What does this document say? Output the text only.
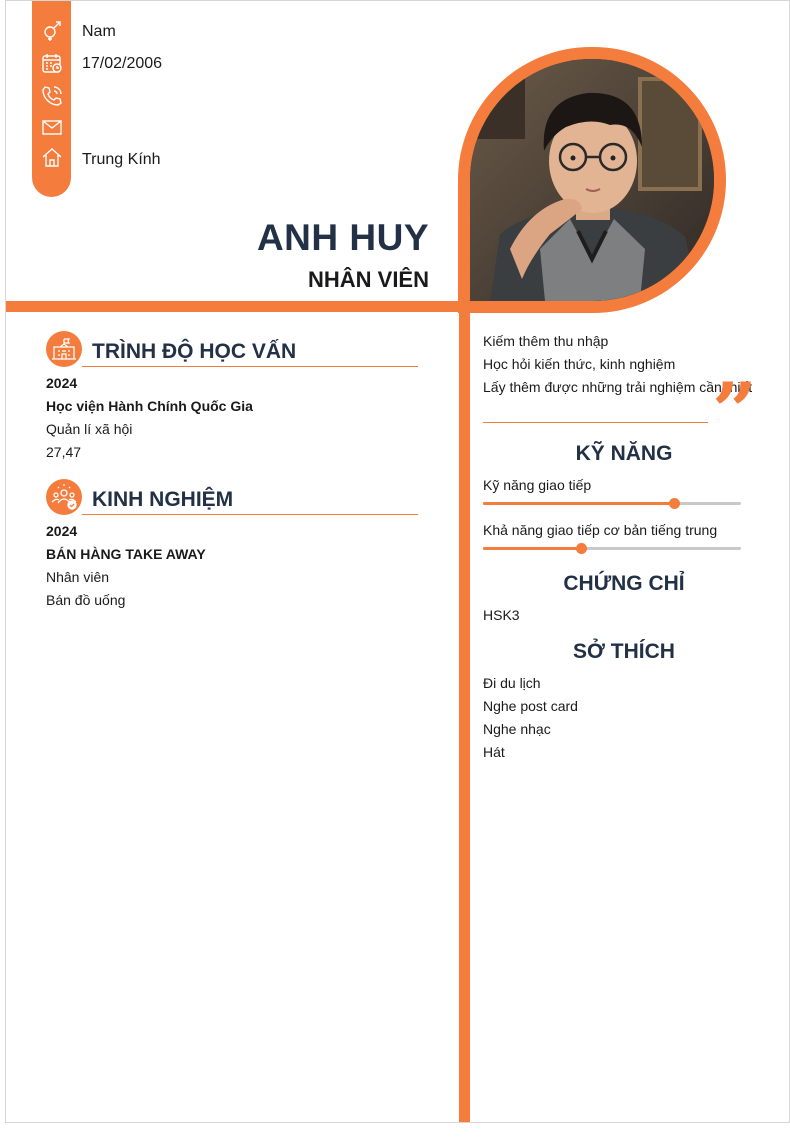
Nam
17/02/2006
Trung Kính
ANH HUY
NHÂN VIÊN
TRÌNH ĐỘ HỌC VẤN
2024
Học viện Hành Chính Quốc Gia
Quản lí xã hội
27,47
KINH NGHIỆM
2024
BÁN HÀNG TAKE AWAY
Nhân viên
Bán đồ uống
Kiếm thêm thu nhập
Học hỏi kiến thức, kinh nghiệm
Lấy thêm được những trải nghiệm cần thiết
”
KỸ NĂNG
Kỹ năng giao tiếp
Khả năng giao tiếp cơ bản tiếng trung
CHỨNG CHỈ
HSK3
SỞ THÍCH
Đi du lịch
Nghe post card
Nghe nhạc
Hát
